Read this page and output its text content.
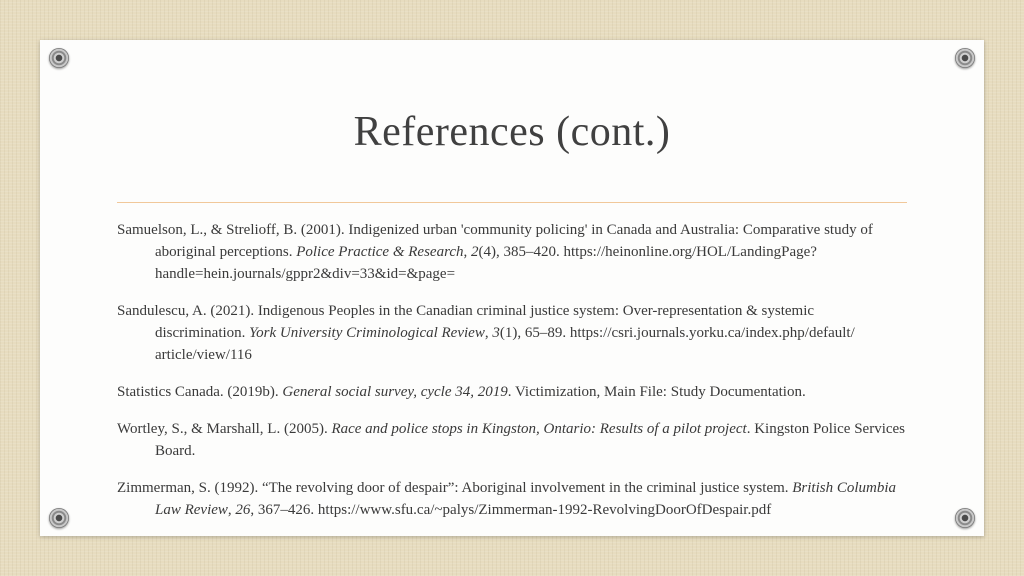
References (cont.)

Samuelson, L., & Strelioff, B. (2001). Indigenized urban 'community policing' in Canada and Australia: Comparative study of aboriginal perceptions. Police Practice & Research, 2(4), 385–420. https://heinonline.org/HOL/LandingPage? handle=hein.journals/gppr2&div=33&id=&page=

Sandulescu, A. (2021). Indigenous Peoples in the Canadian criminal justice system: Over-representation & systemic discrimination. York University Criminological Review, 3(1), 65–89. https://csri.journals.yorku.ca/index.php/default/ article/view/116

Statistics Canada. (2019b). General social survey, cycle 34, 2019. Victimization, Main File: Study Documentation.

Wortley, S., & Marshall, L. (2005). Race and police stops in Kingston, Ontario: Results of a pilot project. Kingston Police Services Board.

Zimmerman, S. (1992). “The revolving door of despair”: Aboriginal involvement in the criminal justice system. British Columbia Law Review, 26, 367–426. https://www.sfu.ca/~palys/Zimmerman-1992-RevolvingDoorOfDespair.pdf
